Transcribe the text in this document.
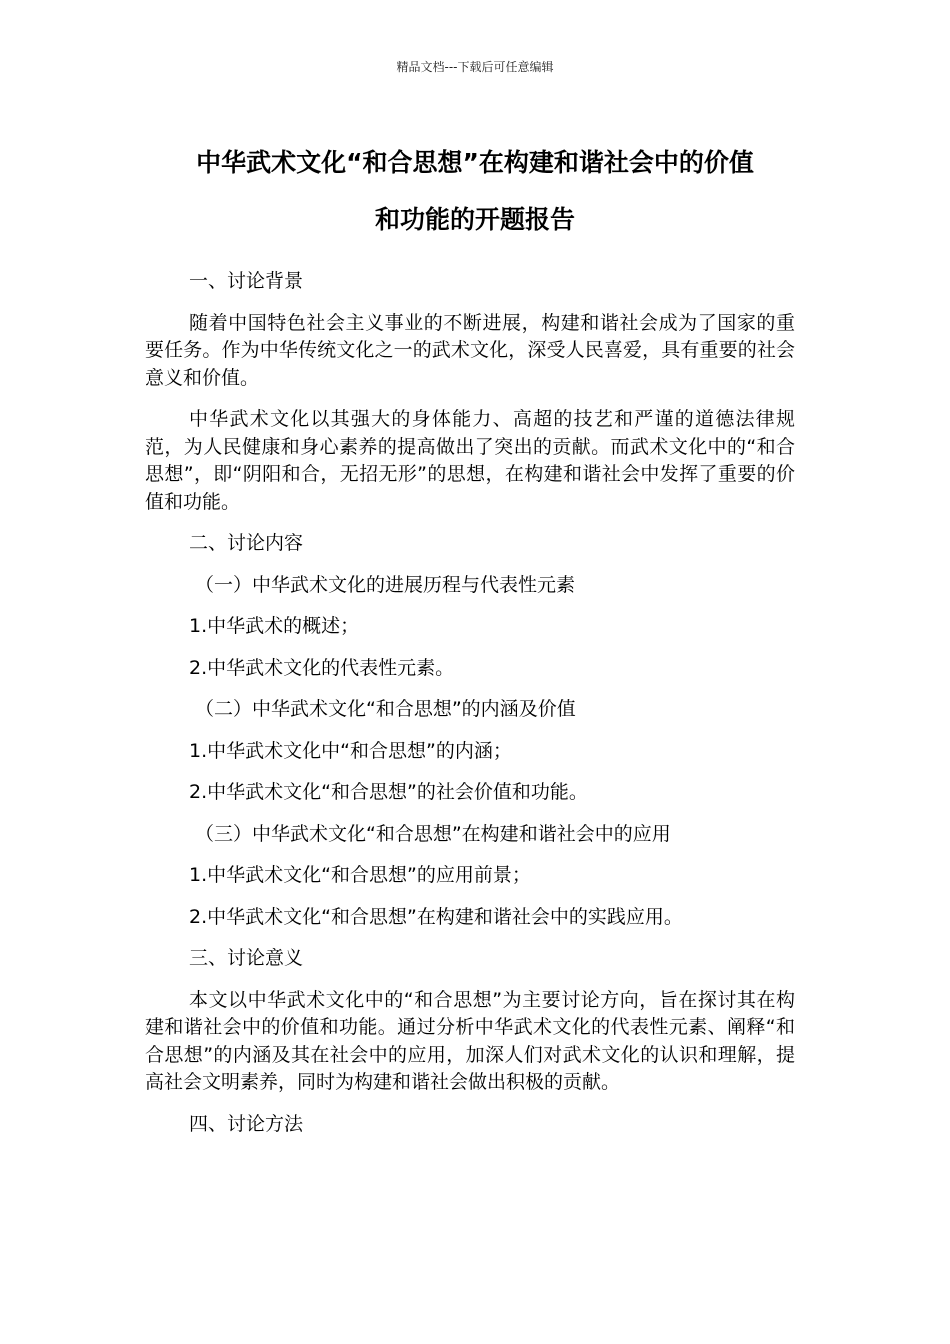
精品文档---下载后可任意编辑
中华武术文化“和合思想”在构建和谐社会中的价值
和功能的开题报告

一、讨论背景

随着中国特色社会主义事业的不断进展，构建和谐社会成为了国家的重要任务。作为中华传统文化之一的武术文化，深受人民喜爱，具有重要的社会意义和价值。

中华武术文化以其强大的身体能力、高超的技艺和严谨的道德法律规范，为人民健康和身心素养的提高做出了突出的贡献。而武术文化中的“和合思想”，即“阴阳和合，无招无形”的思想，在构建和谐社会中发挥了重要的价值和功能。

二、讨论内容

（一）中华武术文化的进展历程与代表性元素

1.中华武术的概述；

2.中华武术文化的代表性元素。

（二）中华武术文化“和合思想”的内涵及价值

1.中华武术文化中“和合思想”的内涵；

2.中华武术文化“和合思想”的社会价值和功能。

（三）中华武术文化“和合思想”在构建和谐社会中的应用

1.中华武术文化“和合思想”的应用前景；

2.中华武术文化“和合思想”在构建和谐社会中的实践应用。

三、讨论意义

本文以中华武术文化中的“和合思想”为主要讨论方向，旨在探讨其在构建和谐社会中的价值和功能。通过分析中华武术文化的代表性元素、阐释“和合思想”的内涵及其在社会中的应用，加深人们对武术文化的认识和理解，提高社会文明素养，同时为构建和谐社会做出积极的贡献。

四、讨论方法
